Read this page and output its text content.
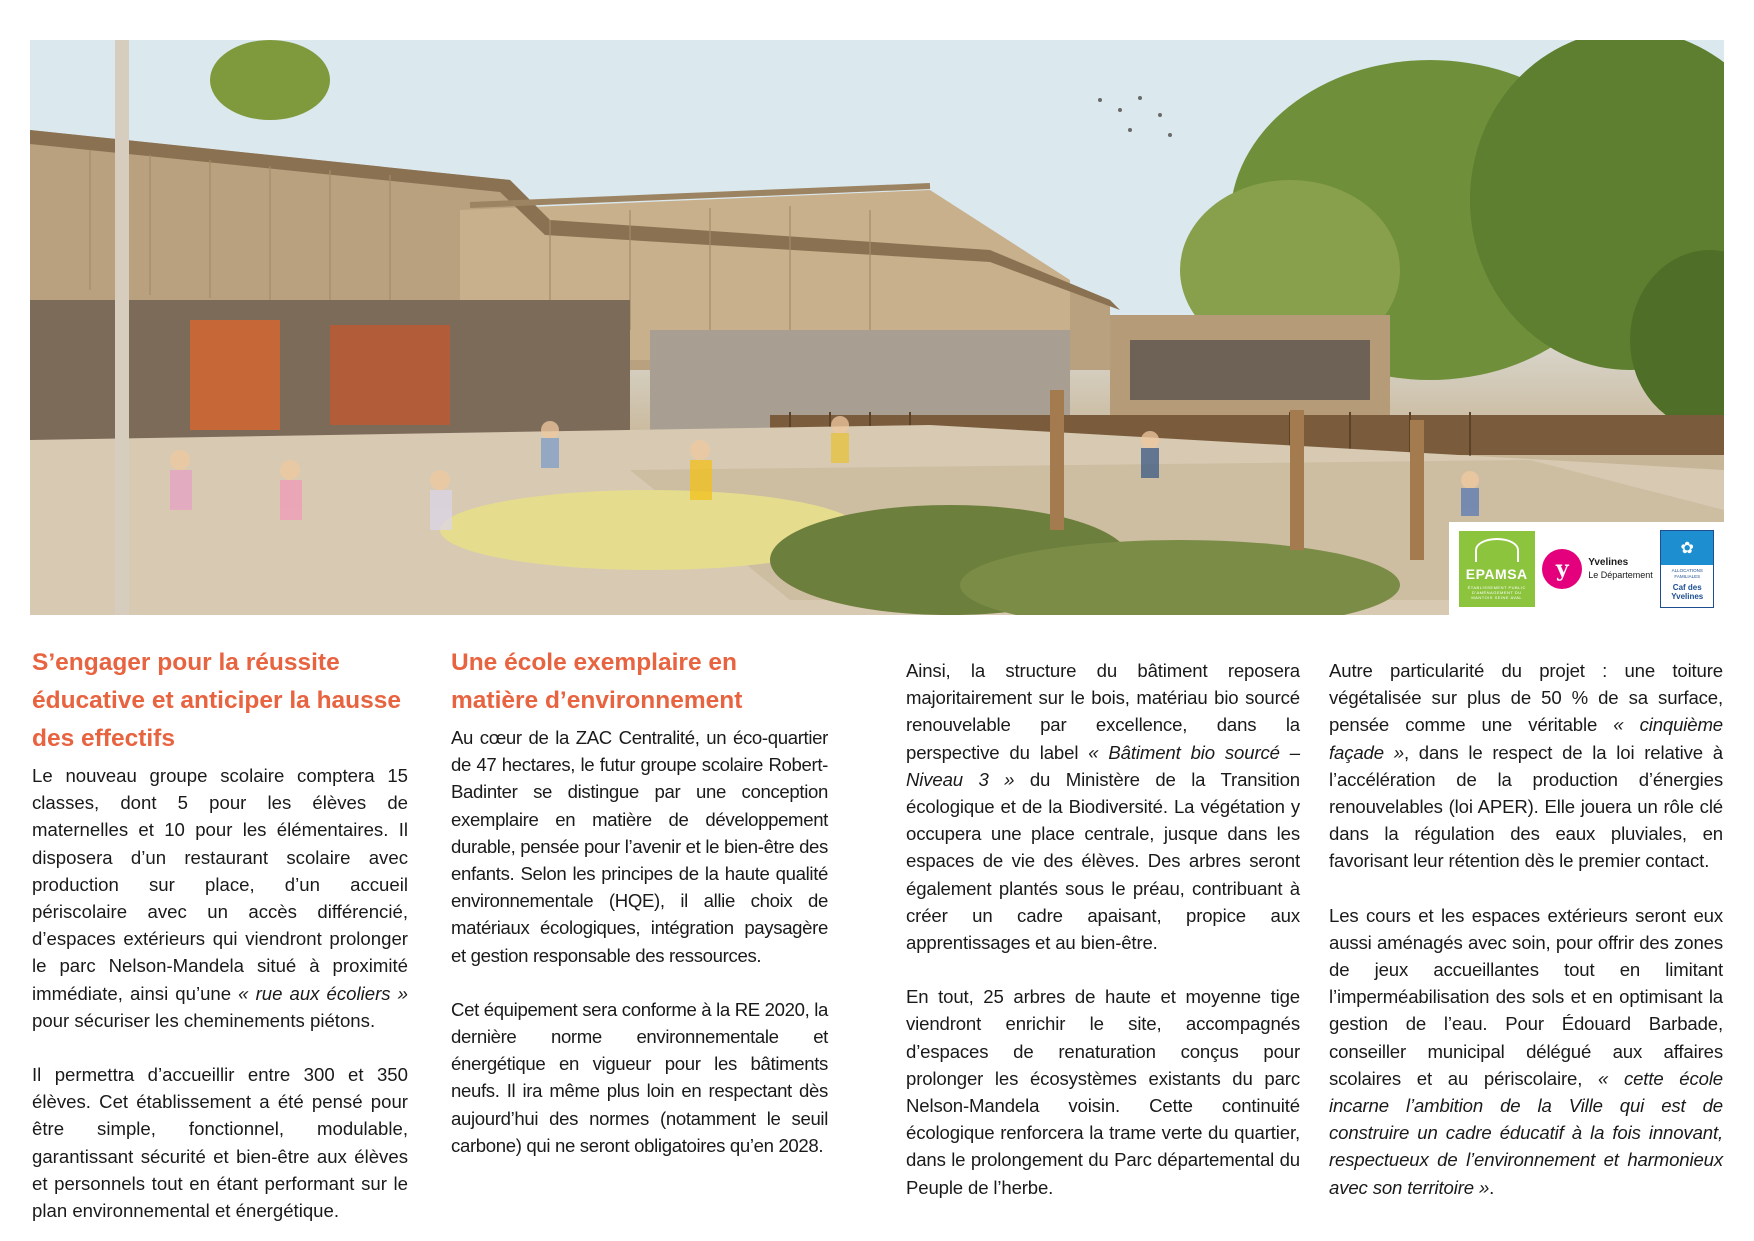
EPAMSA
ÉTABLISSEMENT PUBLIC D'AMÉNAGEMENT DU MANTOIS SEINE AVAL
y	Yvelines
Le Département
✿
ALLOCATIONS FAMILIALES
Caf des Yvelines
S’engager pour la réussite éducative et anticiper la hausse des effectifs

Le nouveau groupe scolaire comptera 15 classes, dont 5 pour les élèves de maternelles et 10 pour les élémentaires. Il disposera d’un restaurant scolaire avec production sur place, d’un accueil périscolaire avec un accès différencié, d’espaces extérieurs qui viendront prolonger le parc Nelson-Mandela situé à proximité immédiate, ainsi qu’une « rue aux écoliers » pour sécuriser les cheminements piétons.

Il permettra d’accueillir entre 300 et 350 élèves. Cet établissement a été pensé pour être simple, fonctionnel, modulable, garantissant sécurité et bien-être aux élèves et personnels tout en étant performant sur le plan environnemental et énergétique.

Une école exemplaire en matière d’environnement

Au cœur de la ZAC Centralité, un éco-quartier de 47 hectares, le futur groupe scolaire Robert-Badinter se distingue par une conception exemplaire en matière de développement durable, pensée pour l’avenir et le bien-être des enfants. Selon les principes de la haute qualité environnementale (HQE), il allie choix de matériaux écologiques, intégration paysagère et gestion responsable des ressources.

Cet équipement sera conforme à la RE 2020, la dernière norme environnementale et énergétique en vigueur pour les bâtiments neufs. Il ira même plus loin en respectant dès aujourd’hui des normes (notamment le seuil carbone) qui ne seront obligatoires qu’en 2028.

Ainsi, la structure du bâtiment reposera majoritairement sur le bois, matériau bio sourcé renouvelable par excellence, dans la perspective du label « Bâtiment bio sourcé – Niveau 3 » du Ministère de la Transition écologique et de la Biodiversité. La végétation y occupera une place centrale, jusque dans les espaces de vie des élèves. Des arbres seront également plantés sous le préau, contribuant à créer un cadre apaisant, propice aux apprentissages et au bien-être.

En tout, 25 arbres de haute et moyenne tige viendront enrichir le site, accompagnés d’espaces de renaturation conçus pour prolonger les écosystèmes existants du parc Nelson-Mandela voisin. Cette continuité écologique renforcera la trame verte du quartier, dans le prolongement du Parc départemental du Peuple de l’herbe.

Autre particularité du projet : une toiture végétalisée sur plus de 50 % de sa surface, pensée comme une véritable « cinquième façade », dans le respect de la loi relative à l’accélération de la production d’énergies renouvelables (loi APER). Elle jouera un rôle clé dans la régulation des eaux pluviales, en favorisant leur rétention dès le premier contact.

Les cours et les espaces extérieurs seront eux aussi aménagés avec soin, pour offrir des zones de jeux accueillantes tout en limitant l’imperméabilisation des sols et en optimisant la gestion de l’eau. Pour Édouard Barbade, conseiller municipal délégué aux affaires scolaires et au périscolaire, « cette école incarne l’ambition de la Ville qui est de construire un cadre éducatif à la fois innovant, respectueux de l’environnement et harmonieux avec son territoire ».
